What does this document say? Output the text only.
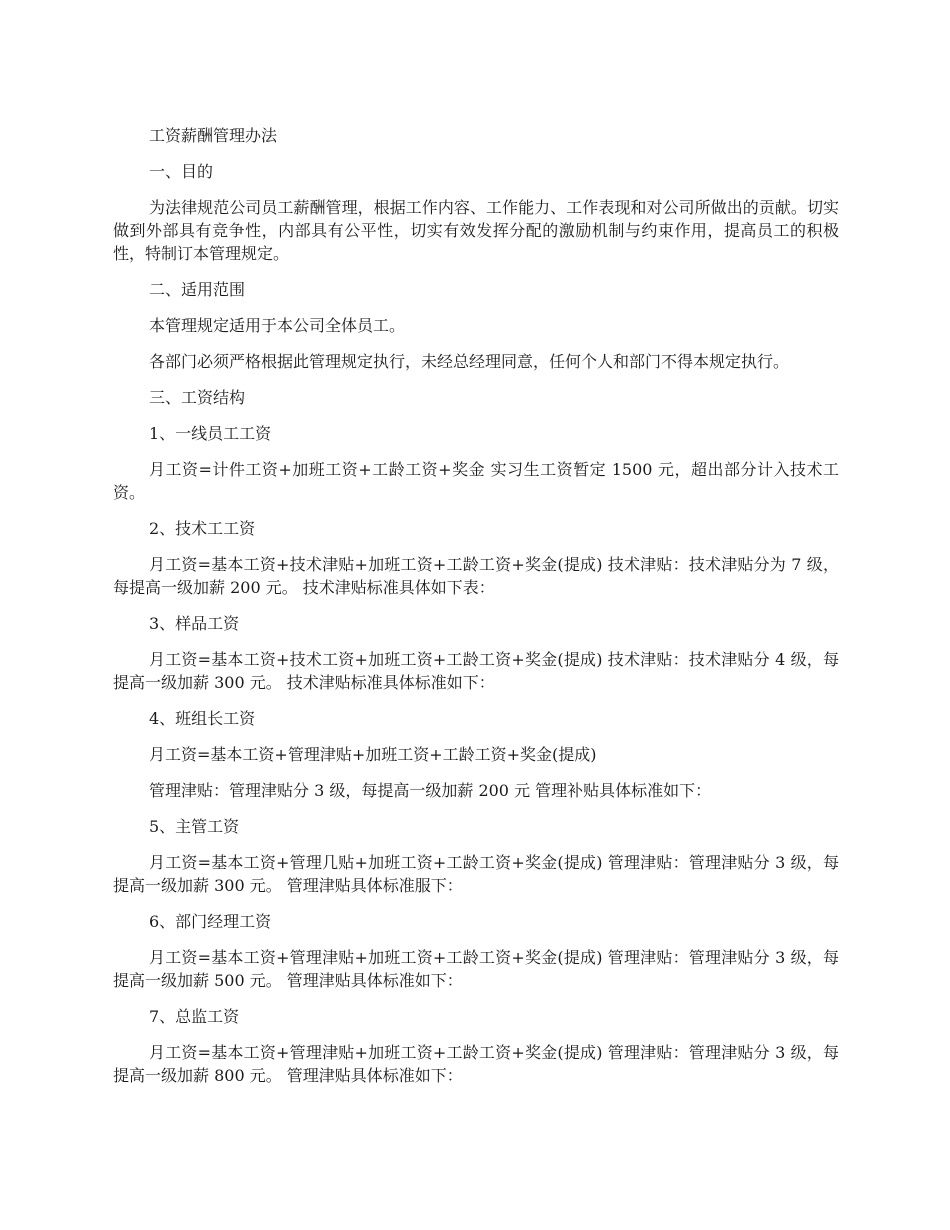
工资薪酬管理办法

一、目的

为法律规范公司员工薪酬管理，根据工作内容、工作能力、工作表现和对公司所做出的贡献。切实做到外部具有竞争性，内部具有公平性，切实有效发挥分配的激励机制与约束作用，提高员工的积极性，特制订本管理规定。

二、适用范围

本管理规定适用于本公司全体员工。

各部门必须严格根据此管理规定执行，未经总经理同意，任何个人和部门不得本规定执行。

三、工资结构

1、一线员工工资

月工资=计件工资+加班工资+工龄工资+奖金 实习生工资暂定 1500 元，超出部分计入技术工资。

2、技术工工资

月工资=基本工资+技术津贴+加班工资+工龄工资+奖金(提成) 技术津贴：技术津贴分为 7 级，每提高一级加薪 200 元。 技术津贴标准具体如下表：

3、样品工资

月工资=基本工资+技术工资+加班工资+工龄工资+奖金(提成) 技术津贴：技术津贴分 4 级，每提高一级加薪 300 元。 技术津贴标准具体标准如下：

4、班组长工资

月工资=基本工资+管理津贴+加班工资+工龄工资+奖金(提成)

管理津贴：管理津贴分 3 级，每提高一级加薪 200 元 管理补贴具体标准如下：

5、主管工资

月工资=基本工资+管理几贴+加班工资+工龄工资+奖金(提成) 管理津贴：管理津贴分 3 级，每提高一级加薪 300 元。 管理津贴具体标准服下：

6、部门经理工资

月工资=基本工资+管理津贴+加班工资+工龄工资+奖金(提成) 管理津贴：管理津贴分 3 级，每提高一级加薪 500 元。 管理津贴具体标准如下：

7、总监工资

月工资=基本工资+管理津贴+加班工资+工龄工资+奖金(提成) 管理津贴：管理津贴分 3 级，每提高一级加薪 800 元。 管理津贴具体标准如下：
